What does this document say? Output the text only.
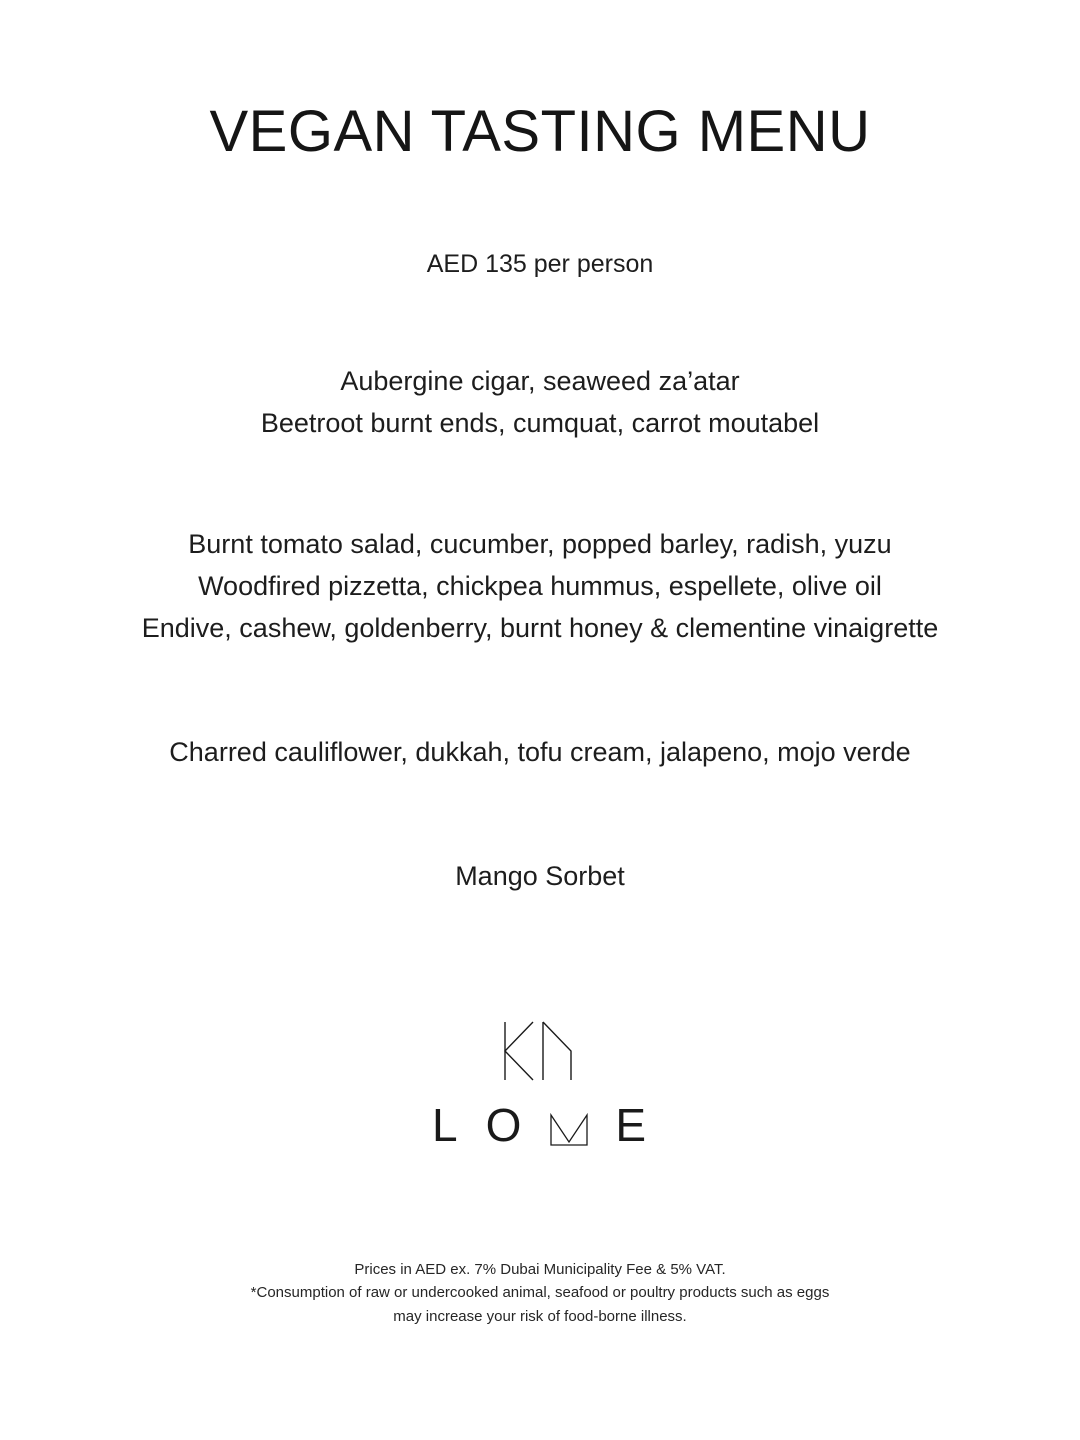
VEGAN TASTING MENU
AED 135 per person
Aubergine cigar, seaweed za’atar
Beetroot burnt ends, cumquat, carrot moutabel
Burnt tomato salad, cucumber, popped barley, radish, yuzu
Woodfired pizzetta, chickpea hummus, espellete, olive oil
Endive, cashew, goldenberry, burnt honey & clementine vinaigrette
Charred cauliflower, dukkah, tofu cream, jalapeno, mojo verde
Mango Sorbet
L O E
Prices in AED ex. 7% Dubai Municipality Fee & 5% VAT.
*Consumption of raw or undercooked animal, seafood or poultry products such as eggs
may increase your risk of food-borne illness.
